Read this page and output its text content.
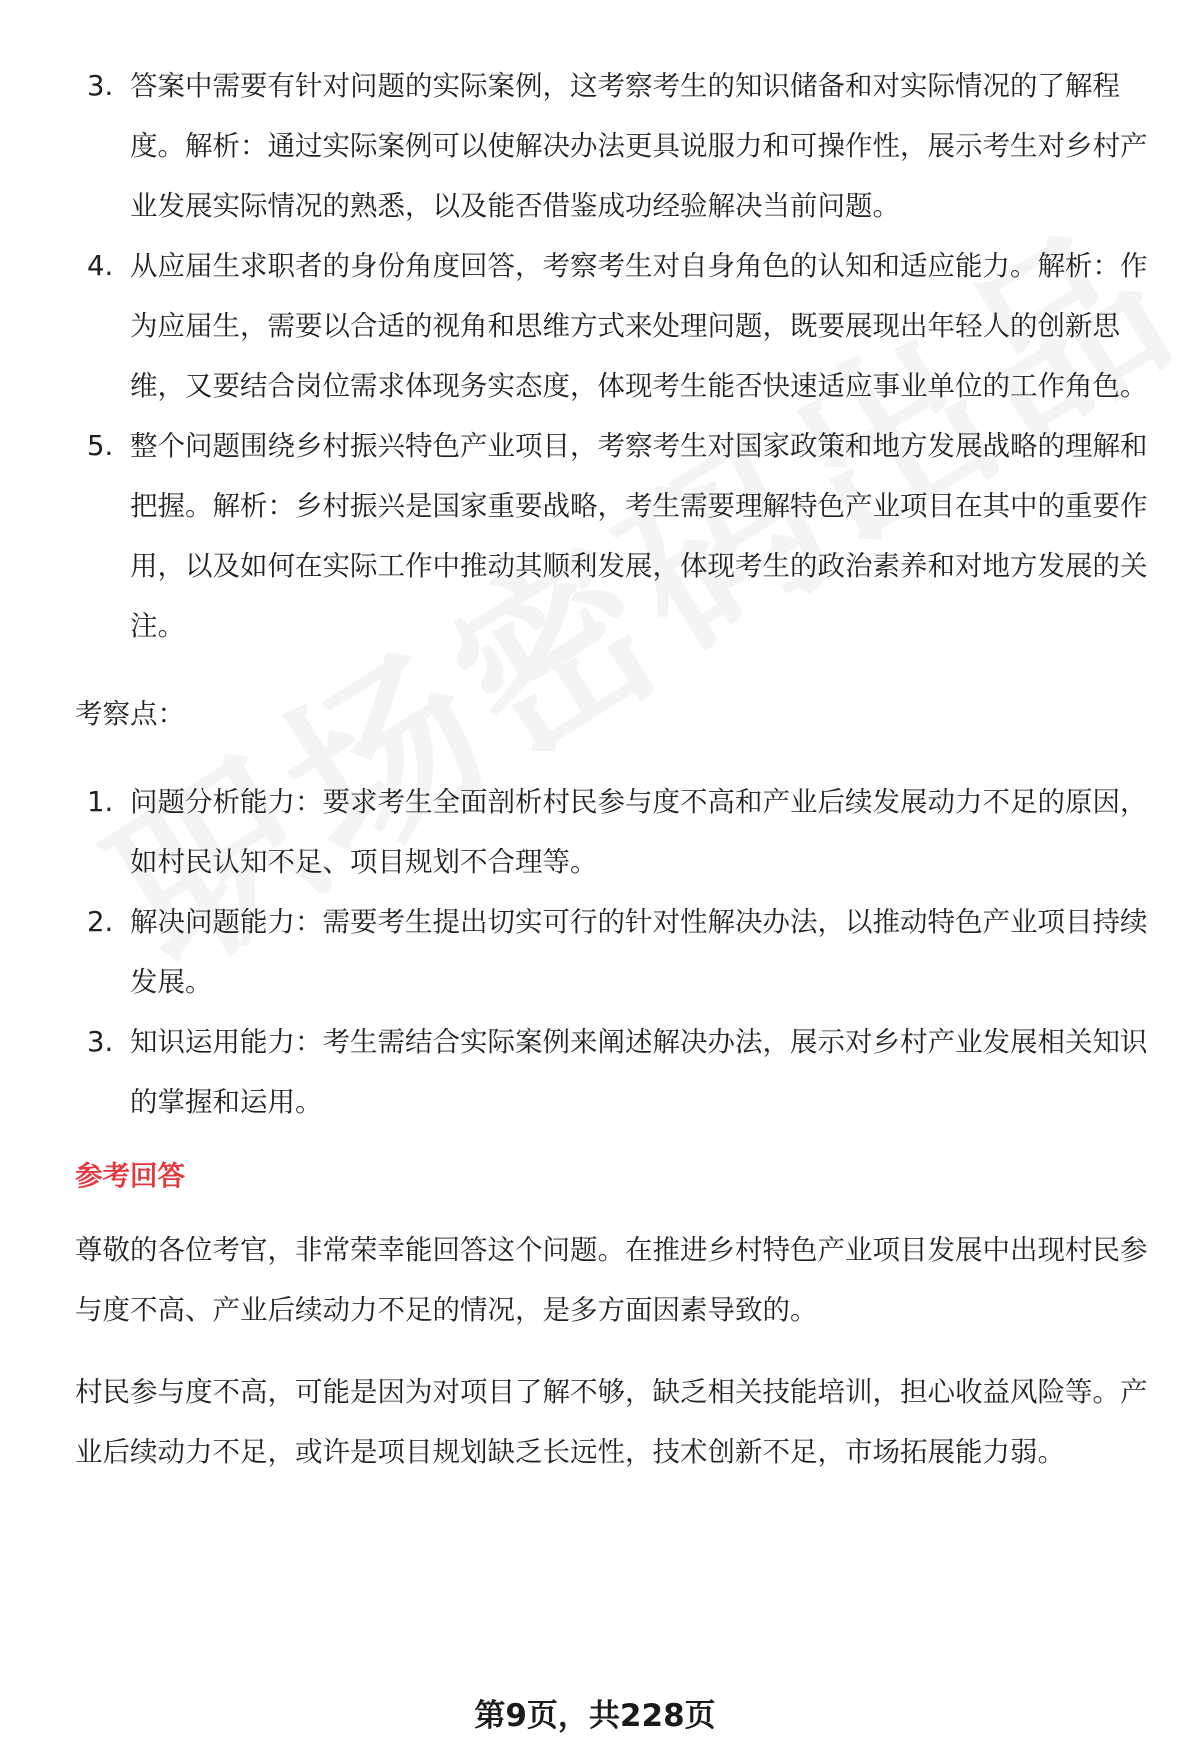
3. 答案中需要有针对问题的实际案例，这考察考生的知识储备和对实际情况的了解程度。解析：通过实际案例可以使解决办法更具说服力和可操作性，展示考生对乡村产业发展实际情况的熟悉，以及能否借鉴成功经验解决当前问题。
4. 从应届生求职者的身份角度回答，考察考生对自身角色的认知和适应能力。解析：作为应届生，需要以合适的视角和思维方式来处理问题，既要展现出年轻人的创新思维，又要结合岗位需求体现务实态度，体现考生能否快速适应事业单位的工作角色。
5. 整个问题围绕乡村振兴特色产业项目，考察考生对国家政策和地方发展战略的理解和把握。解析：乡村振兴是国家重要战略，考生需要理解特色产业项目在其中的重要作用，以及如何在实际工作中推动其顺利发展，体现考生的政治素养和对地方发展的关注。
考察点：
1. 问题分析能力：要求考生全面剖析村民参与度不高和产业后续发展动力不足的原因，如村民认知不足、项目规划不合理等。
2. 解决问题能力：需要考生提出切实可行的针对性解决办法，以推动特色产业项目持续发展。
3. 知识运用能力：考生需结合实际案例来阐述解决办法，展示对乡村产业发展相关知识的掌握和运用。
参考回答

尊敬的各位考官，非常荣幸能回答这个问题。在推进乡村特色产业项目发展中出现村民参与度不高、产业后续动力不足的情况，是多方面因素导致的。

村民参与度不高，可能是因为对项目了解不够，缺乏相关技能培训，担心收益风险等。产业后续动力不足，或许是项目规划缺乏长远性，技术创新不足，市场拓展能力弱。

第9页，共228页
